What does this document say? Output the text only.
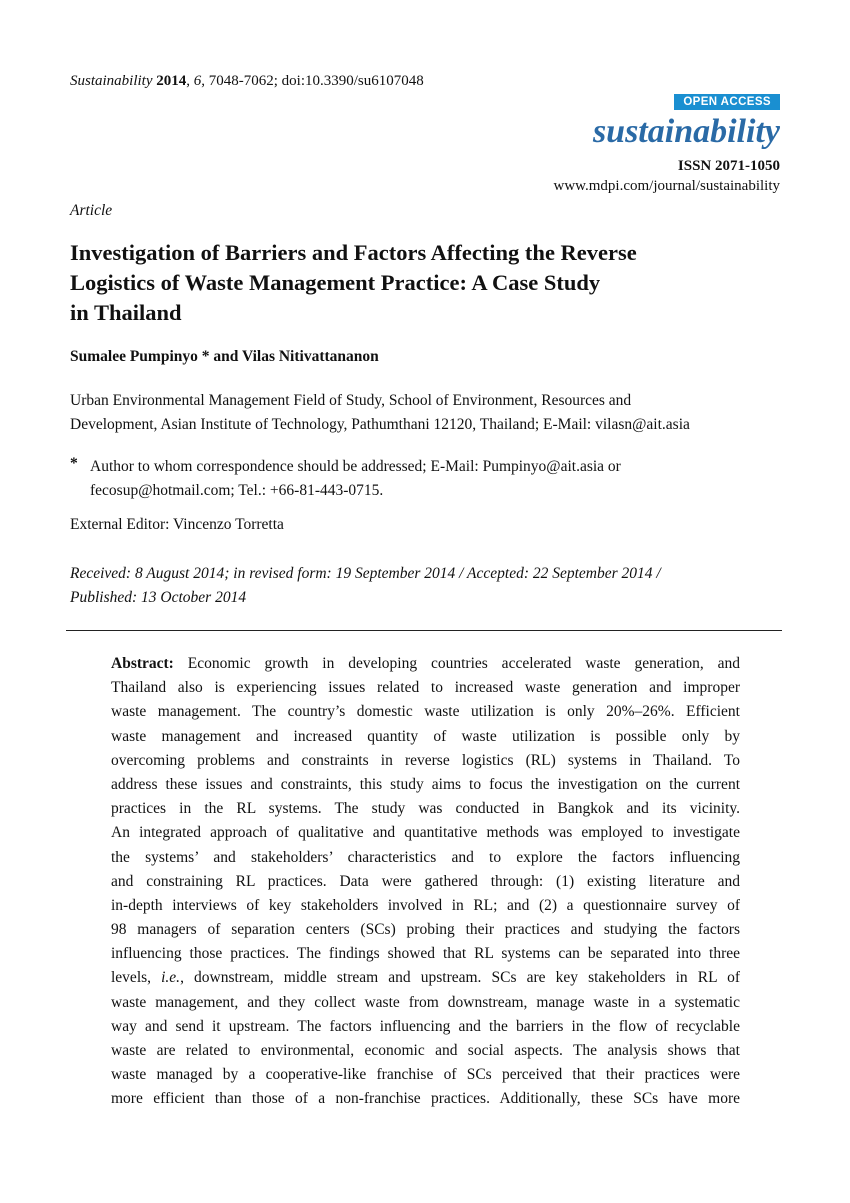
Sustainability 2014, 6, 7048-7062; doi:10.3390/su6107048
OPEN ACCESS
sustainability
ISSN 2071-1050
www.mdpi.com/journal/sustainability
Article
Investigation of Barriers and Factors Affecting the Reverse
Logistics of Waste Management Practice: A Case Study
in Thailand
Sumalee Pumpinyo * and Vilas Nitivattananon
Urban Environmental Management Field of Study, School of Environment, Resources and
Development, Asian Institute of Technology, Pathumthani 12120, Thailand; E-Mail: vilasn@ait.asia
* Author to whom correspondence should be addressed; E-Mail: Pumpinyo@ait.asia or
fecosup@hotmail.com; Tel.: +66-81-443-0715.
External Editor: Vincenzo Torretta
Received: 8 August 2014; in revised form: 19 September 2014 / Accepted: 22 September 2014 /
Published: 13 October 2014
Abstract: Economic growth in developing countries accelerated waste generation, and
Thailand also is experiencing issues related to increased waste generation and improper
waste management. The country’s domestic waste utilization is only 20%–26%. Efficient
waste management and increased quantity of waste utilization is possible only by
overcoming problems and constraints in reverse logistics (RL) systems in Thailand. To
address these issues and constraints, this study aims to focus the investigation on the current
practices in the RL systems. The study was conducted in Bangkok and its vicinity.
An integrated approach of qualitative and quantitative methods was employed to investigate
the systems’ and stakeholders’ characteristics and to explore the factors influencing
and constraining RL practices. Data were gathered through: (1) existing literature and
in-depth interviews of key stakeholders involved in RL; and (2) a questionnaire survey of
98 managers of separation centers (SCs) probing their practices and studying the factors
influencing those practices. The findings showed that RL systems can be separated into three
levels, i.e., downstream, middle stream and upstream. SCs are key stakeholders in RL of
waste management, and they collect waste from downstream, manage waste in a systematic
way and send it upstream. The factors influencing and the barriers in the flow of recyclable
waste are related to environmental, economic and social aspects. The analysis shows that
waste managed by a cooperative-like franchise of SCs perceived that their practices were
more efficient than those of a non-franchise practices. Additionally, these SCs have more
